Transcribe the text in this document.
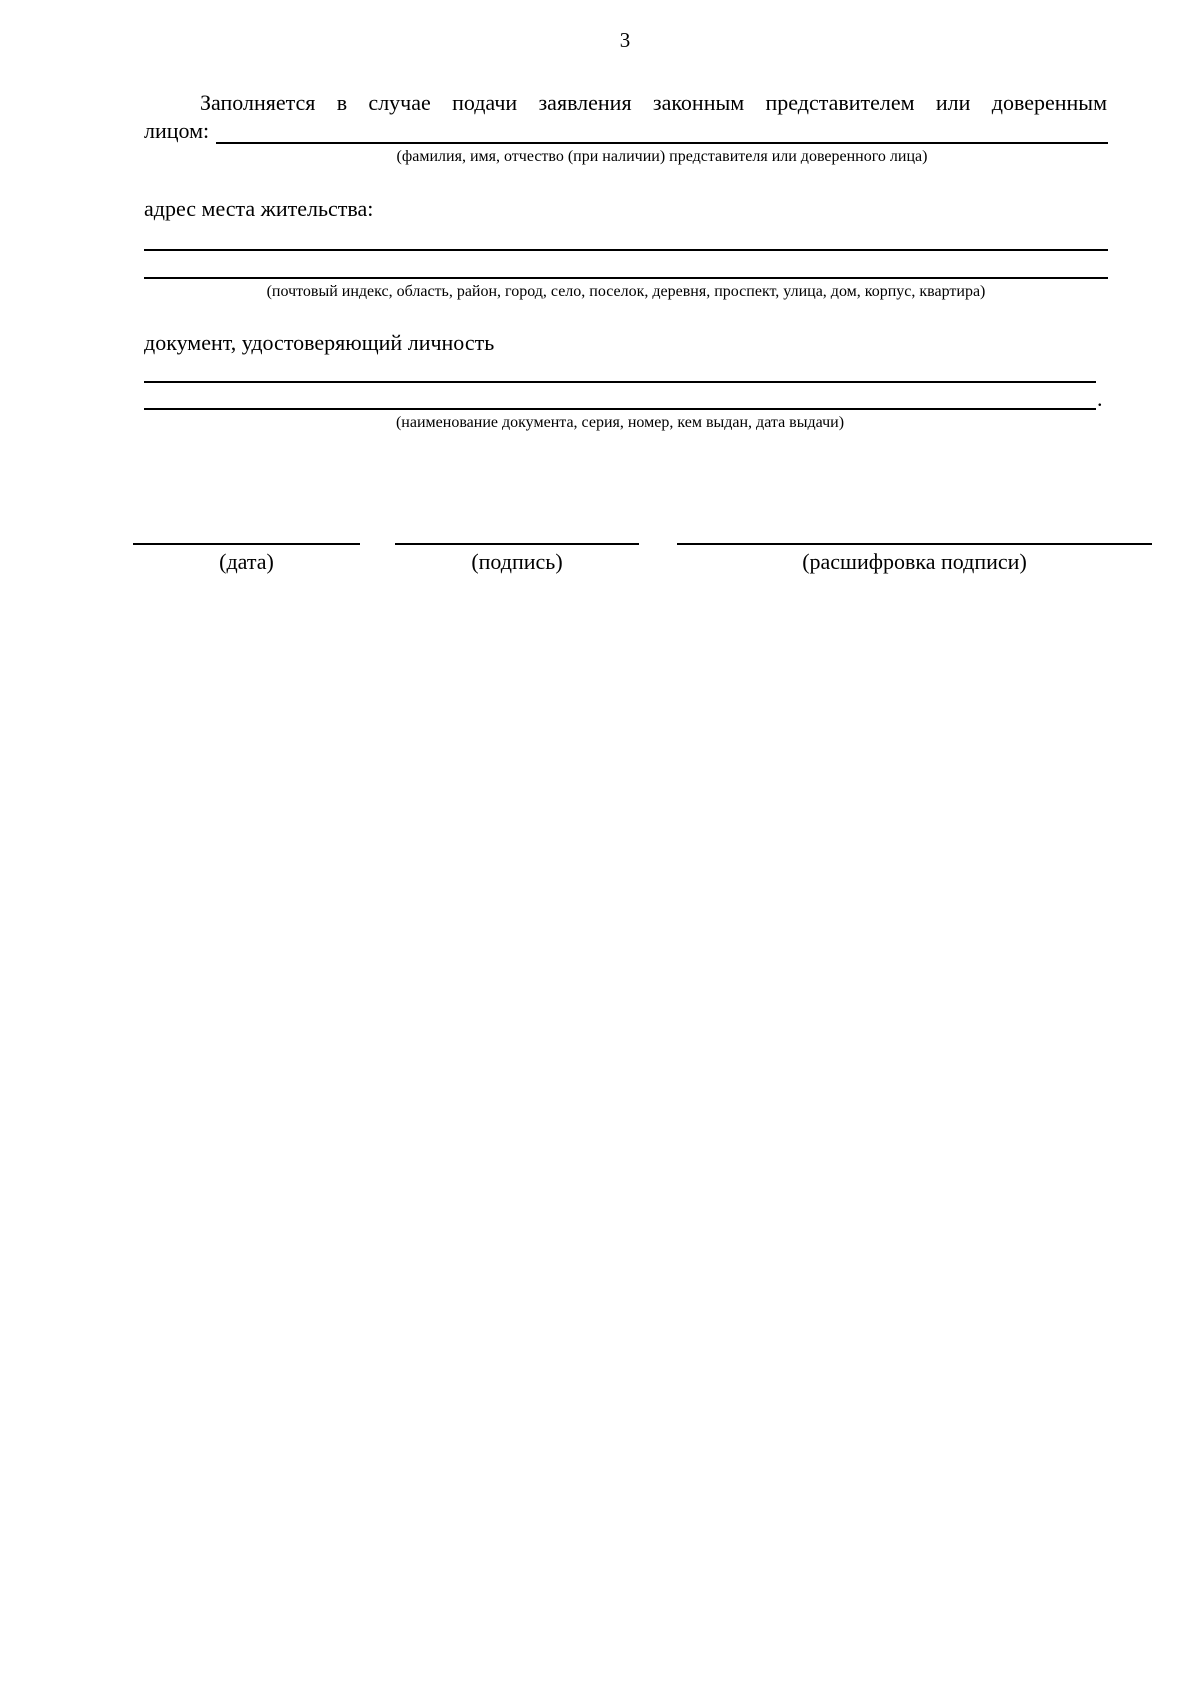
3
Заполняется в случае подачи заявления законным представителем или доверенным
лицом:
(фамилия, имя, отчество (при наличии) представителя или доверенного лица)
адрес места жительства:
(почтовый индекс, область, район, город, село, поселок, деревня, проспект, улица, дом, корпус, квартира)
документ, удостоверяющий личность
.
(наименование документа, серия, номер, кем выдан, дата выдачи)
(дата)	(подпись)	(расшифровка подписи)
